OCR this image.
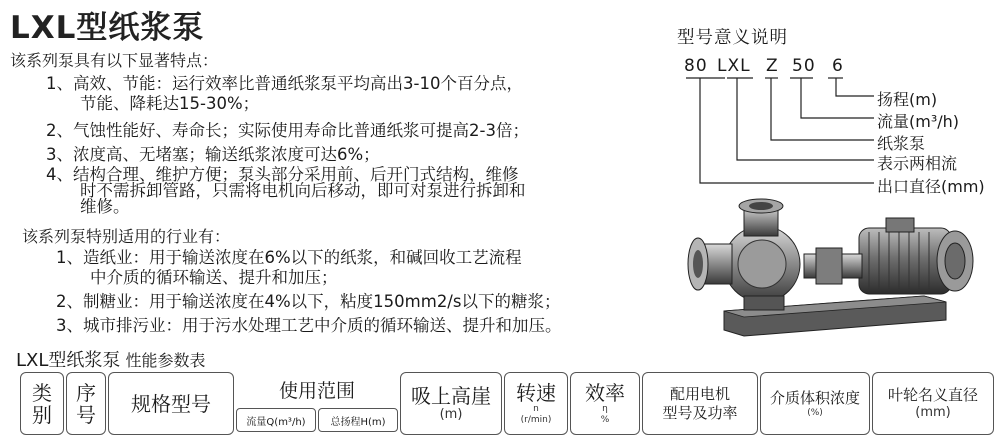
LXL型纸浆泵
该系列泵具有以下显著特点：
1、高效、节能：运行效率比普通纸浆泵平均高出3-10个百分点，
节能、降耗达15-30%；
2、气蚀性能好、寿命长；实际使用寿命比普通纸浆可提高2-3倍；
3、浓度高、无堵塞；输送纸浆浓度可达6%；
4、结构合理、维护方便；泵头部分采用前、后开门式结构，维修
时不需拆卸管路，只需将电机向后移动，即可对泵进行拆卸和
维修。
该系列泵特别适用的行业有：
1、造纸业：用于输送浓度在6%以下的纸浆，和碱回收工艺流程
中介质的循环输送、提升和加压；
2、制糖业：用于输送浓度在4%以下，粘度150mm2/s以下的糖浆；
3、城市排污业：用于污水处理工艺中介质的循环输送、提升和加压。
LXL型纸浆泵 性能参数表
型号意义说明
80 LXL Z 50 6
扬程(m)
流量(m³/h)
纸浆泵
表示两相流
出口直径(mm)
类
别
序
号 规格型号
使用范围
流量Q(m³/h)	总扬程H(m)
吸上高崖
(m)
转速
n
(r/min)
效率
η
%
配用电机
型号及功率
介质体积浓度
(%)
叶轮名义直径
(mm)
